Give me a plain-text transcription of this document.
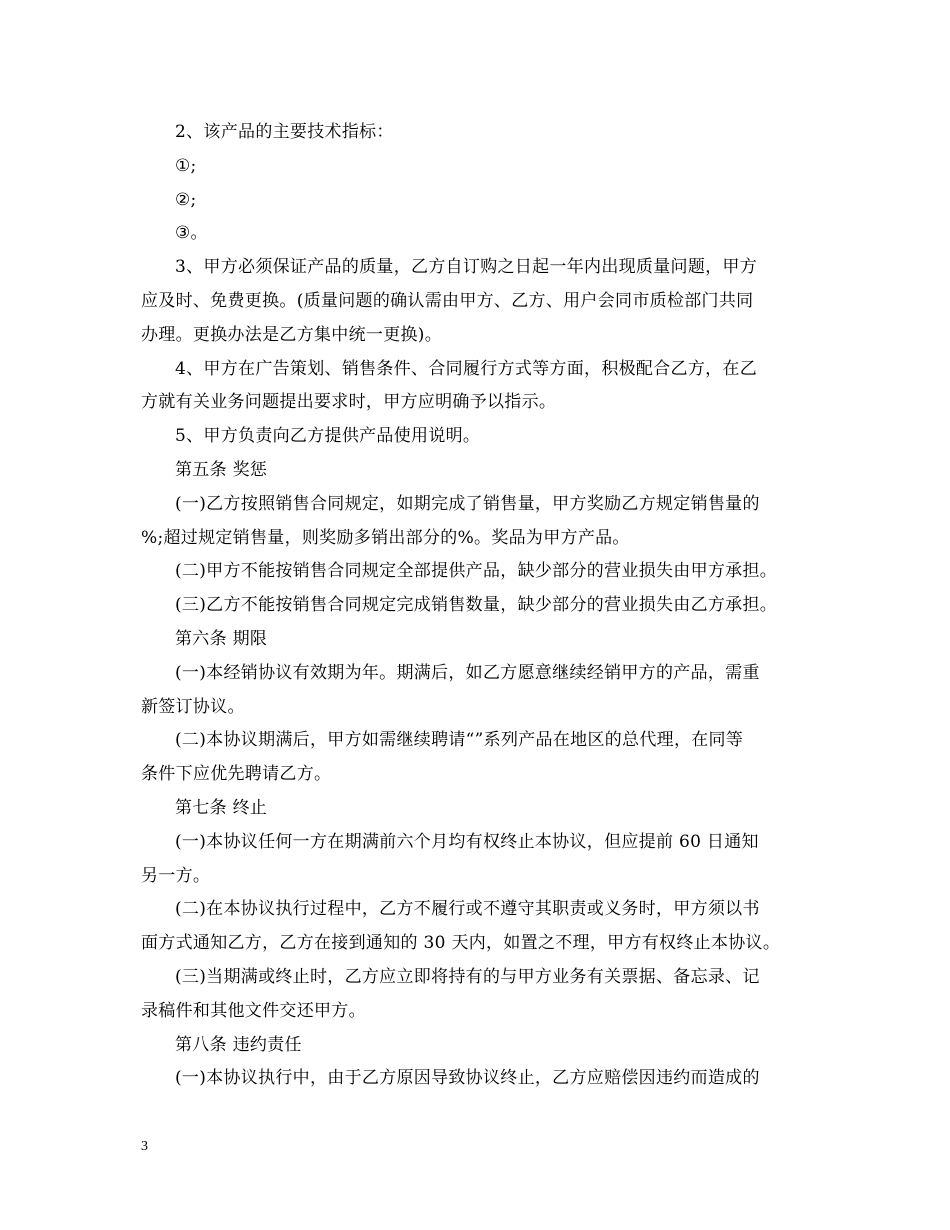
2、该产品的主要技术指标：
①;
②;
③。
3、甲方必须保证产品的质量，乙方自订购之日起一年内出现质量问题，甲方
应及时、免费更换。(质量问题的确认需由甲方、乙方、用户会同市质检部门共同
办理。更换办法是乙方集中统一更换)。
4、甲方在广告策划、销售条件、合同履行方式等方面，积极配合乙方，在乙
方就有关业务问题提出要求时，甲方应明确予以指示。
5、甲方负责向乙方提供产品使用说明。
第五条 奖惩
(一)乙方按照销售合同规定，如期完成了销售量，甲方奖励乙方规定销售量的
%;超过规定销售量，则奖励多销出部分的%。奖品为甲方产品。
(二)甲方不能按销售合同规定全部提供产品，缺少部分的营业损失由甲方承担。
(三)乙方不能按销售合同规定完成销售数量，缺少部分的营业损失由乙方承担。
第六条 期限
(一)本经销协议有效期为年。期满后，如乙方愿意继续经销甲方的产品，需重
新签订协议。
(二)本协议期满后，甲方如需继续聘请“”系列产品在地区的总代理，在同等
条件下应优先聘请乙方。
第七条 终止
(一)本协议任何一方在期满前六个月均有权终止本协议，但应提前 60 日通知
另一方。
(二)在本协议执行过程中，乙方不履行或不遵守其职责或义务时，甲方须以书
面方式通知乙方，乙方在接到通知的 30 天内，如置之不理，甲方有权终止本协议。
(三)当期满或终止时，乙方应立即将持有的与甲方业务有关票据、备忘录、记
录稿件和其他文件交还甲方。
第八条 违约责任
(一)本协议执行中，由于乙方原因导致协议终止，乙方应赔偿因违约而造成的
3
